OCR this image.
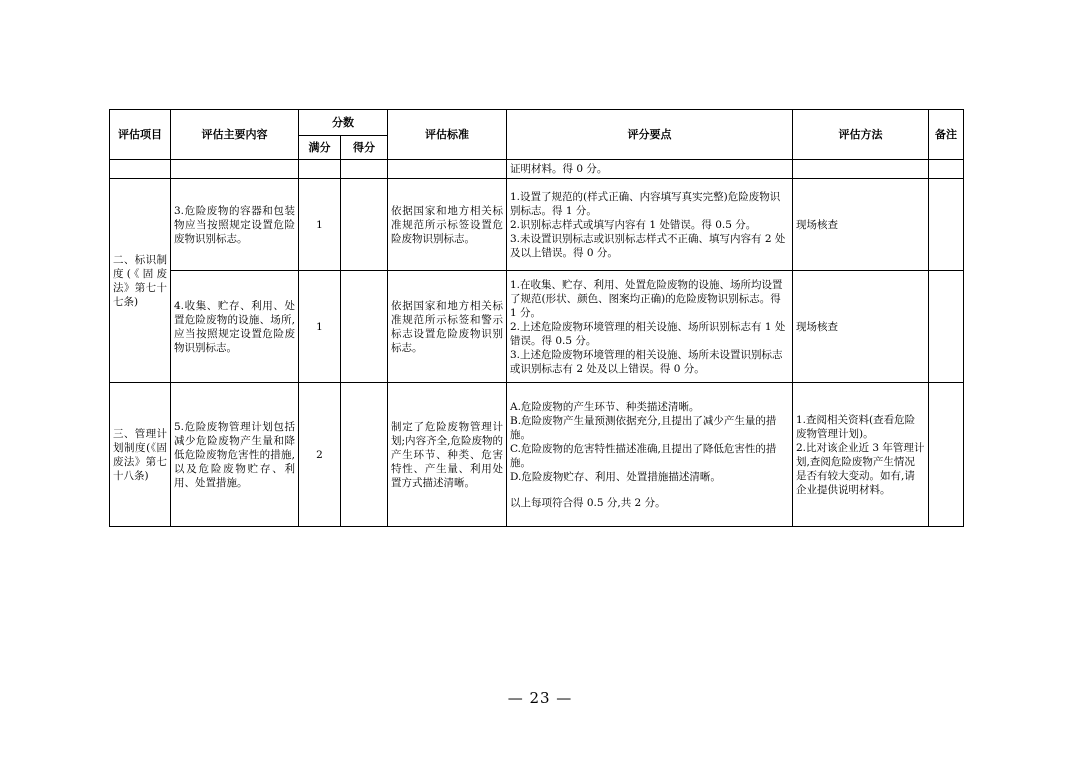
评估项目	评估主要内容	分数		评估标准	评分要点	评估方法	备注
		满分	得分				
					证明材料。得 0 分。		
二、标识制度(《固废法》第七十七条)	3.危险废物的容器和包装物应当按照规定设置危险废物识别标志。	1		依据国家和地方相关标准规范所示标签设置危险废物识别标志。	1.设置了规范的(样式正确、内容填写真实完整)危险废物识别标志。得 1 分。
2.识别标志样式或填写内容有 1 处错误。得 0.5 分。
3.未设置识别标志或识别标志样式不正确、填写内容有 2 处及以上错误。得 0 分。	现场核查	
	4.收集、贮存、利用、处置危险废物的设施、场所,应当按照规定设置危险废物识别标志。	1		依据国家和地方相关标准规范所示标签和警示标志设置危险废物识别标志。	1.在收集、贮存、利用、处置危险废物的设施、场所均设置了规范(形状、颜色、图案均正确)的危险废物识别标志。得 1 分。
2.上述危险废物环境管理的相关设施、场所识别标志有 1 处错误。得 0.5 分。
3.上述危险废物环境管理的相关设施、场所未设置识别标志或识别标志有 2 处及以上错误。得 0 分。	现场核查	
三、管理计划制度(《固废法》第七十八条)	5.危险废物管理计划包括减少危险废物产生量和降低危险废物危害性的措施,以及危险废物贮存、利用、处置措施。	2		制定了危险废物管理计划;内容齐全,危险废物的产生环节、种类、危害特性、产生量、利用处置方式描述清晰。	A.危险废物的产生环节、种类描述清晰。
B.危险废物产生量预测依据充分,且提出了减少产生量的措施。
C.危险废物的危害特性描述准确,且提出了降低危害性的措施。
D.危险废物贮存、利用、处置措施描述清晰。
以上每项符合得 0.5 分,共 2 分。	1.查阅相关资料(查看危险废物管理计划)。
2.比对该企业近 3 年管理计划,查阅危险废物产生情况是否有较大变动。如有,请企业提供说明材料。	
— 23 —
